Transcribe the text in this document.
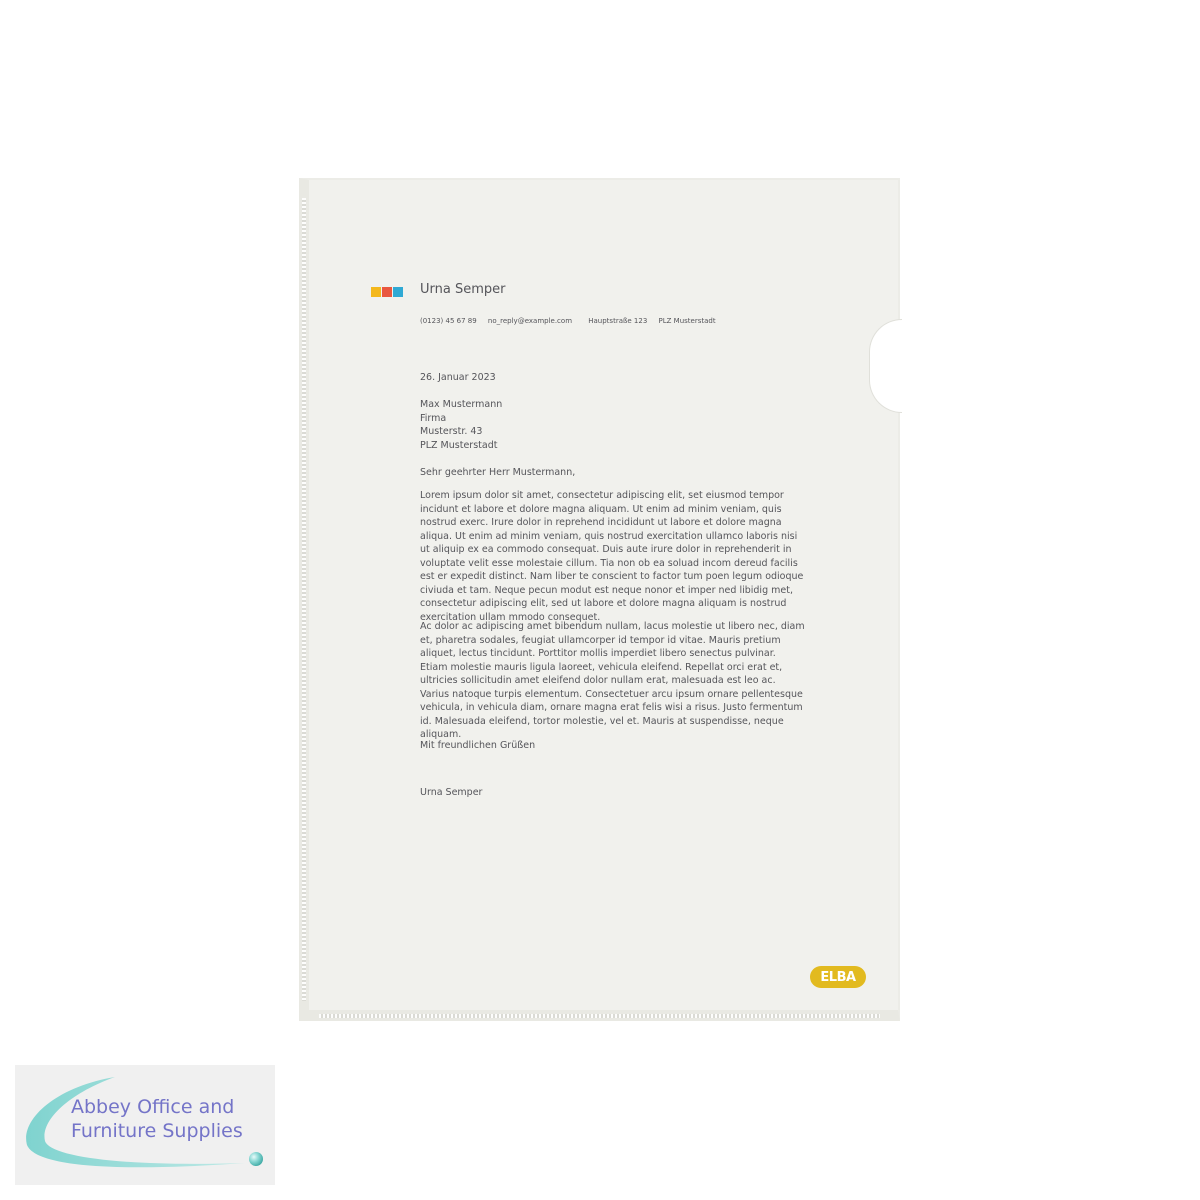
Urna Semper
(0123) 45 67 89 no_reply@example.com Hauptstraße 123 PLZ Musterstadt
26. Januar 2023
Max Mustermann
Firma
Musterstr. 43
PLZ Musterstadt
Sehr geehrter Herr Mustermann,
Lorem ipsum dolor sit amet, consectetur adipiscing elit, set eiusmod tempor incidunt et labore et dolore magna aliquam. Ut enim ad minim veniam, quis nostrud exerc. Irure dolor in reprehend incididunt ut labore et dolore magna aliqua. Ut enim ad minim veniam, quis nostrud exercitation ullamco laboris nisi ut aliquip ex ea commodo consequat. Duis aute irure dolor in reprehenderit in voluptate velit esse molestaie cillum. Tia non ob ea soluad incom dereud facilis est er expedit distinct. Nam liber te conscient to factor tum poen legum odioque civiuda et tam. Neque pecun modut est neque nonor et imper ned libidig met, consectetur adipiscing elit, sed ut labore et dolore magna aliquam is nostrud exercitation ullam mmodo consequet.
Ac dolor ac adipiscing amet bibendum nullam, lacus molestie ut libero nec, diam et, pharetra sodales, feugiat ullamcorper id tempor id vitae. Mauris pretium aliquet, lectus tincidunt. Porttitor mollis imperdiet libero senectus pulvinar. Etiam molestie mauris ligula laoreet, vehicula eleifend. Repellat orci erat et, ultricies sollicitudin amet eleifend dolor nullam erat, malesuada est leo ac. Varius natoque turpis elementum. Consectetuer arcu ipsum ornare pellentesque vehicula, in vehicula diam, ornare magna erat felis wisi a risus. Justo fermentum id. Malesuada eleifend, tortor molestie, vel et. Mauris at suspendisse, neque aliquam.
Mit freundlichen Grüßen
Urna Semper
ELBA
Abbey Office and
Furniture Supplies
